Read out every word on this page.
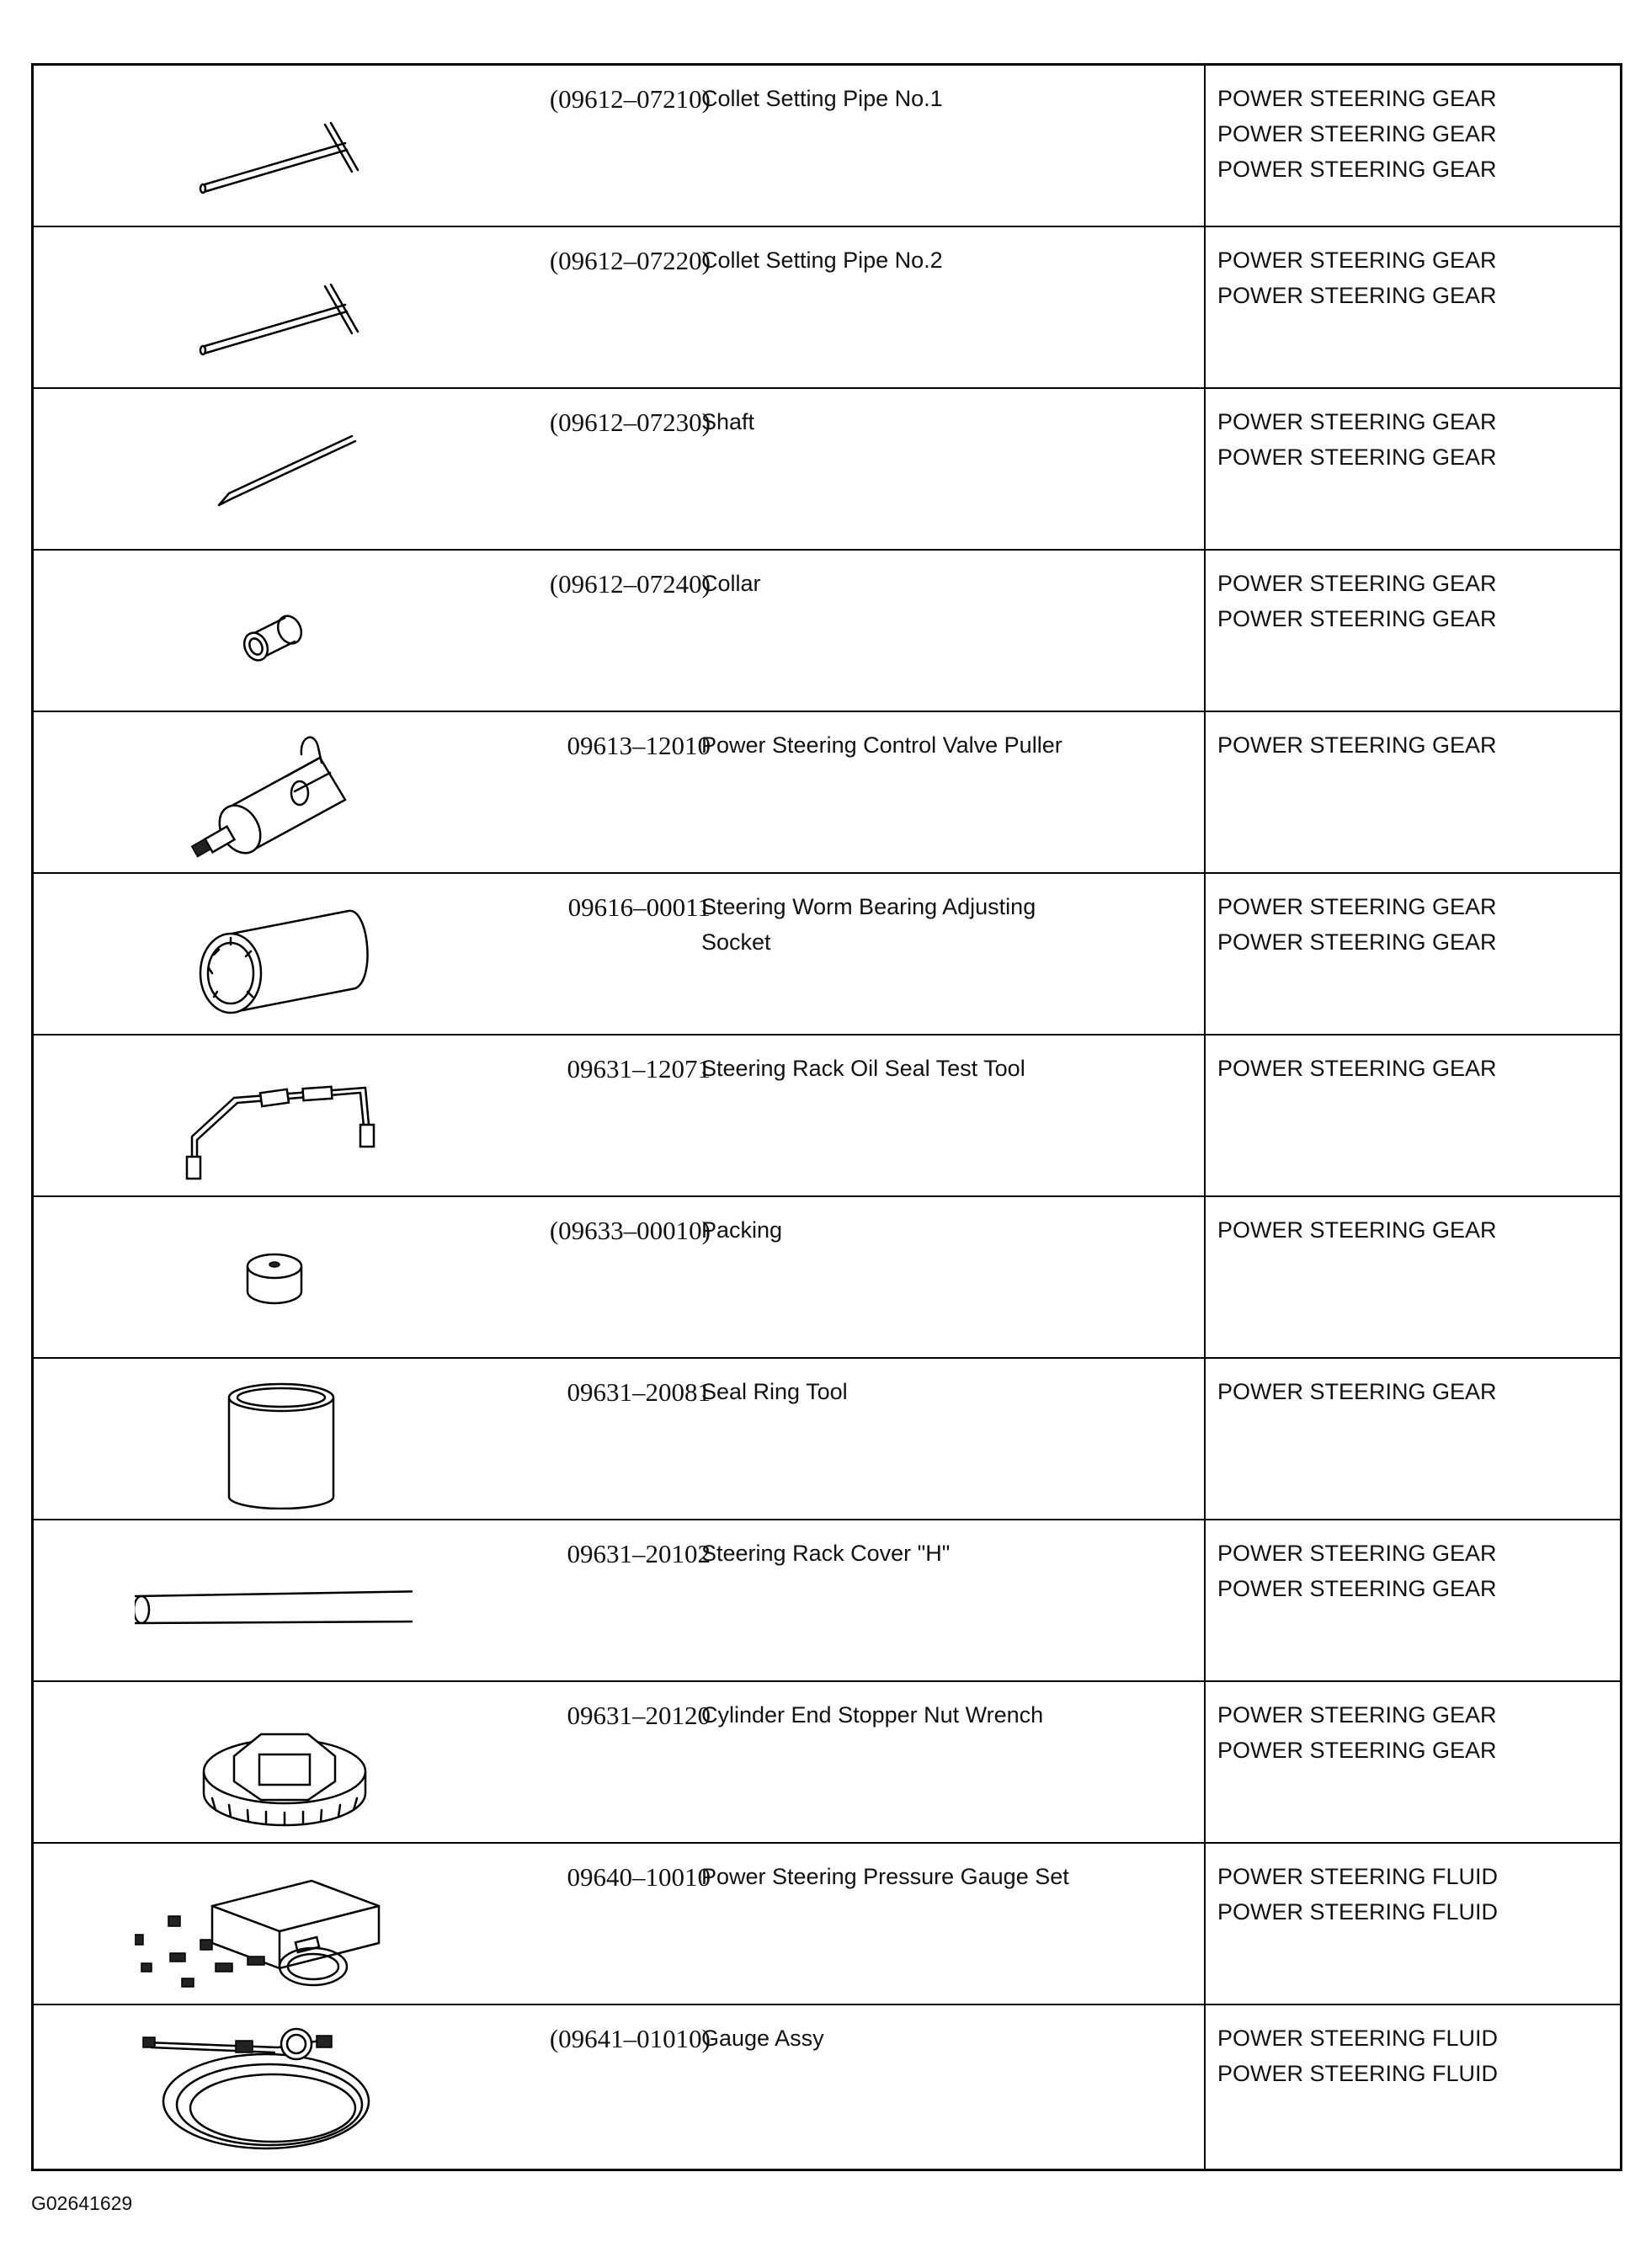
(09612–07210)
Collet Setting Pipe No.1	POWER STEERING GEAR
POWER STEERING GEAR
POWER STEERING GEAR
(09612–07220)
Collet Setting Pipe No.2	POWER STEERING GEAR
POWER STEERING GEAR
(09612–07230)
Shaft	POWER STEERING GEAR
POWER STEERING GEAR
(09612–07240)
Collar	POWER STEERING GEAR
POWER STEERING GEAR
09613–12010
Power Steering Control Valve Puller	POWER STEERING GEAR
09616–00011
Steering Worm Bearing Adjusting Socket
POWER STEERING GEAR
POWER STEERING GEAR
09631–12071
Steering Rack Oil Seal Test Tool	POWER STEERING GEAR
(09633–00010)
Packing	POWER STEERING GEAR
09631–20081
Seal Ring Tool	POWER STEERING GEAR
09631–20102
Steering Rack Cover "H"	POWER STEERING GEAR
POWER STEERING GEAR
09631–20120
Cylinder End Stopper Nut Wrench	POWER STEERING GEAR
POWER STEERING GEAR
09640–10010
Power Steering Pressure Gauge Set	POWER STEERING FLUID
POWER STEERING FLUID
(09641–01010)
Gauge Assy	POWER STEERING FLUID
POWER STEERING FLUID
G02641629
